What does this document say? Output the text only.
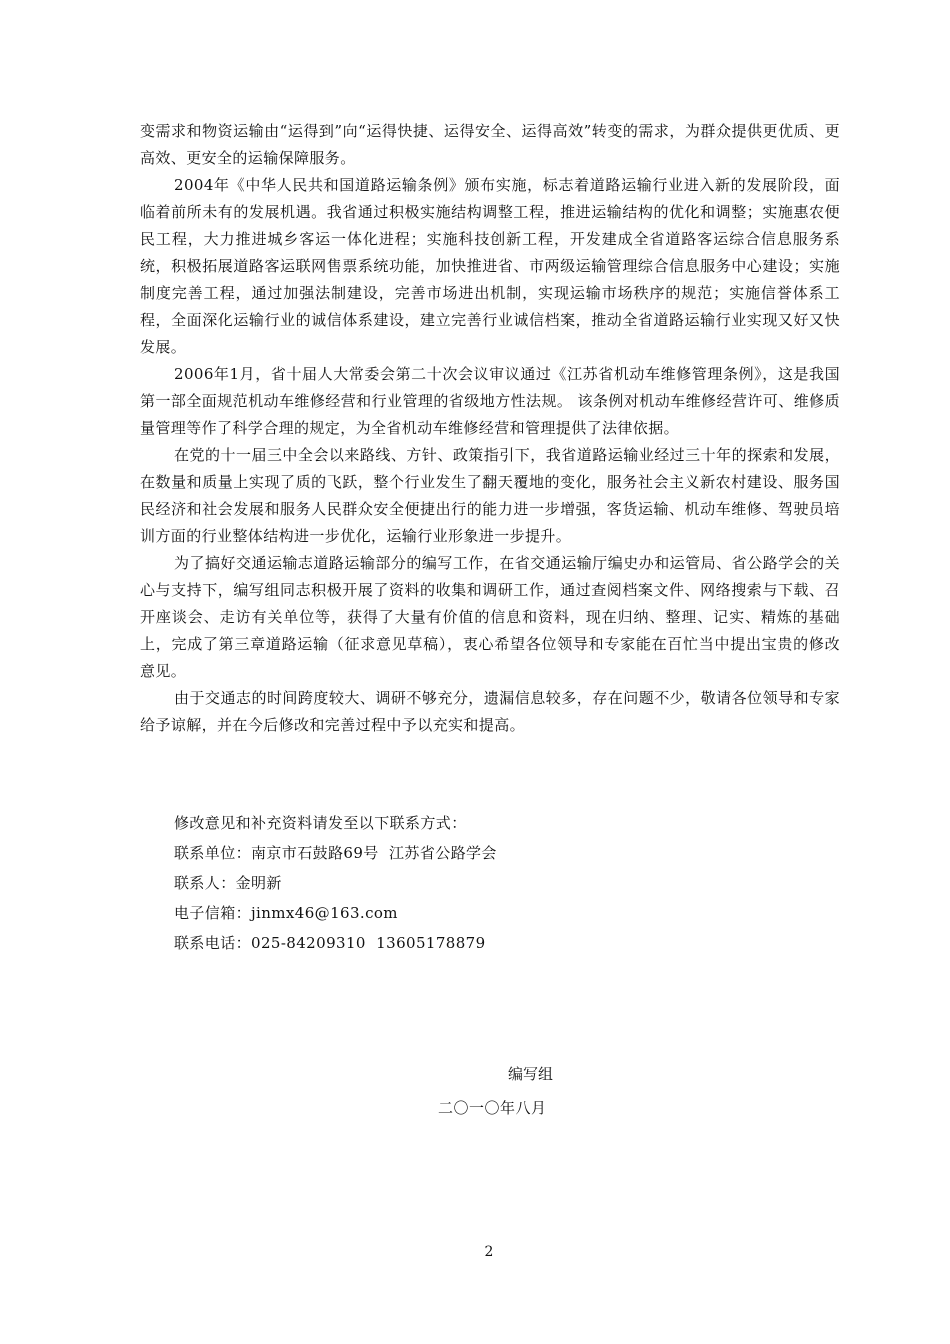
变需求和物资运输由“运得到”向“运得快捷、运得安全、运得高效”转变的需求，为群众提供更优质、更高效、更安全的运输保障服务。

2004年《中华人民共和国道路运输条例》颁布实施，标志着道路运输行业进入新的发展阶段，面临着前所未有的发展机遇。我省通过积极实施结构调整工程，推进运输结构的优化和调整；实施惠农便民工程，大力推进城乡客运一体化进程；实施科技创新工程，开发建成全省道路客运综合信息服务系统，积极拓展道路客运联网售票系统功能，加快推进省、市两级运输管理综合信息服务中心建设；实施制度完善工程，通过加强法制建设，完善市场进出机制，实现运输市场秩序的规范；实施信誉体系工程，全面深化运输行业的诚信体系建设，建立完善行业诚信档案，推动全省道路运输行业实现又好又快发展。

2006年1月，省十届人大常委会第二十次会议审议通过《江苏省机动车维修管理条例》，这是我国第一部全面规范机动车维修经营和行业管理的省级地方性法规。 该条例对机动车维修经营许可、维修质量管理等作了科学合理的规定，为全省机动车维修经营和管理提供了法律依据。

在党的十一届三中全会以来路线、方针、政策指引下，我省道路运输业经过三十年的探索和发展，在数量和质量上实现了质的飞跃，整个行业发生了翻天覆地的变化，服务社会主义新农村建设、服务国民经济和社会发展和服务人民群众安全便捷出行的能力进一步增强，客货运输、机动车维修、驾驶员培训方面的行业整体结构进一步优化，运输行业形象进一步提升。

为了搞好交通运输志道路运输部分的编写工作，在省交通运输厅编史办和运管局、省公路学会的关心与支持下，编写组同志积极开展了资料的收集和调研工作，通过查阅档案文件、网络搜索与下载、召开座谈会、走访有关单位等，获得了大量有价值的信息和资料，现在归纳、整理、记实、精炼的基础上，完成了第三章道路运输（征求意见草稿），衷心希望各位领导和专家能在百忙当中提出宝贵的修改意见。

由于交通志的时间跨度较大、调研不够充分，遗漏信息较多，存在问题不少，敬请各位领导和专家给予谅解，并在今后修改和完善过程中予以充实和提高。

修改意见和补充资料请发至以下联系方式：
联系单位：南京市石鼓路69号  江苏省公路学会
联系人：金明新
电子信箱：jinmx46@163.com
联系电话：025-84209310  13605178879
编写组
二〇一〇年八月
2
